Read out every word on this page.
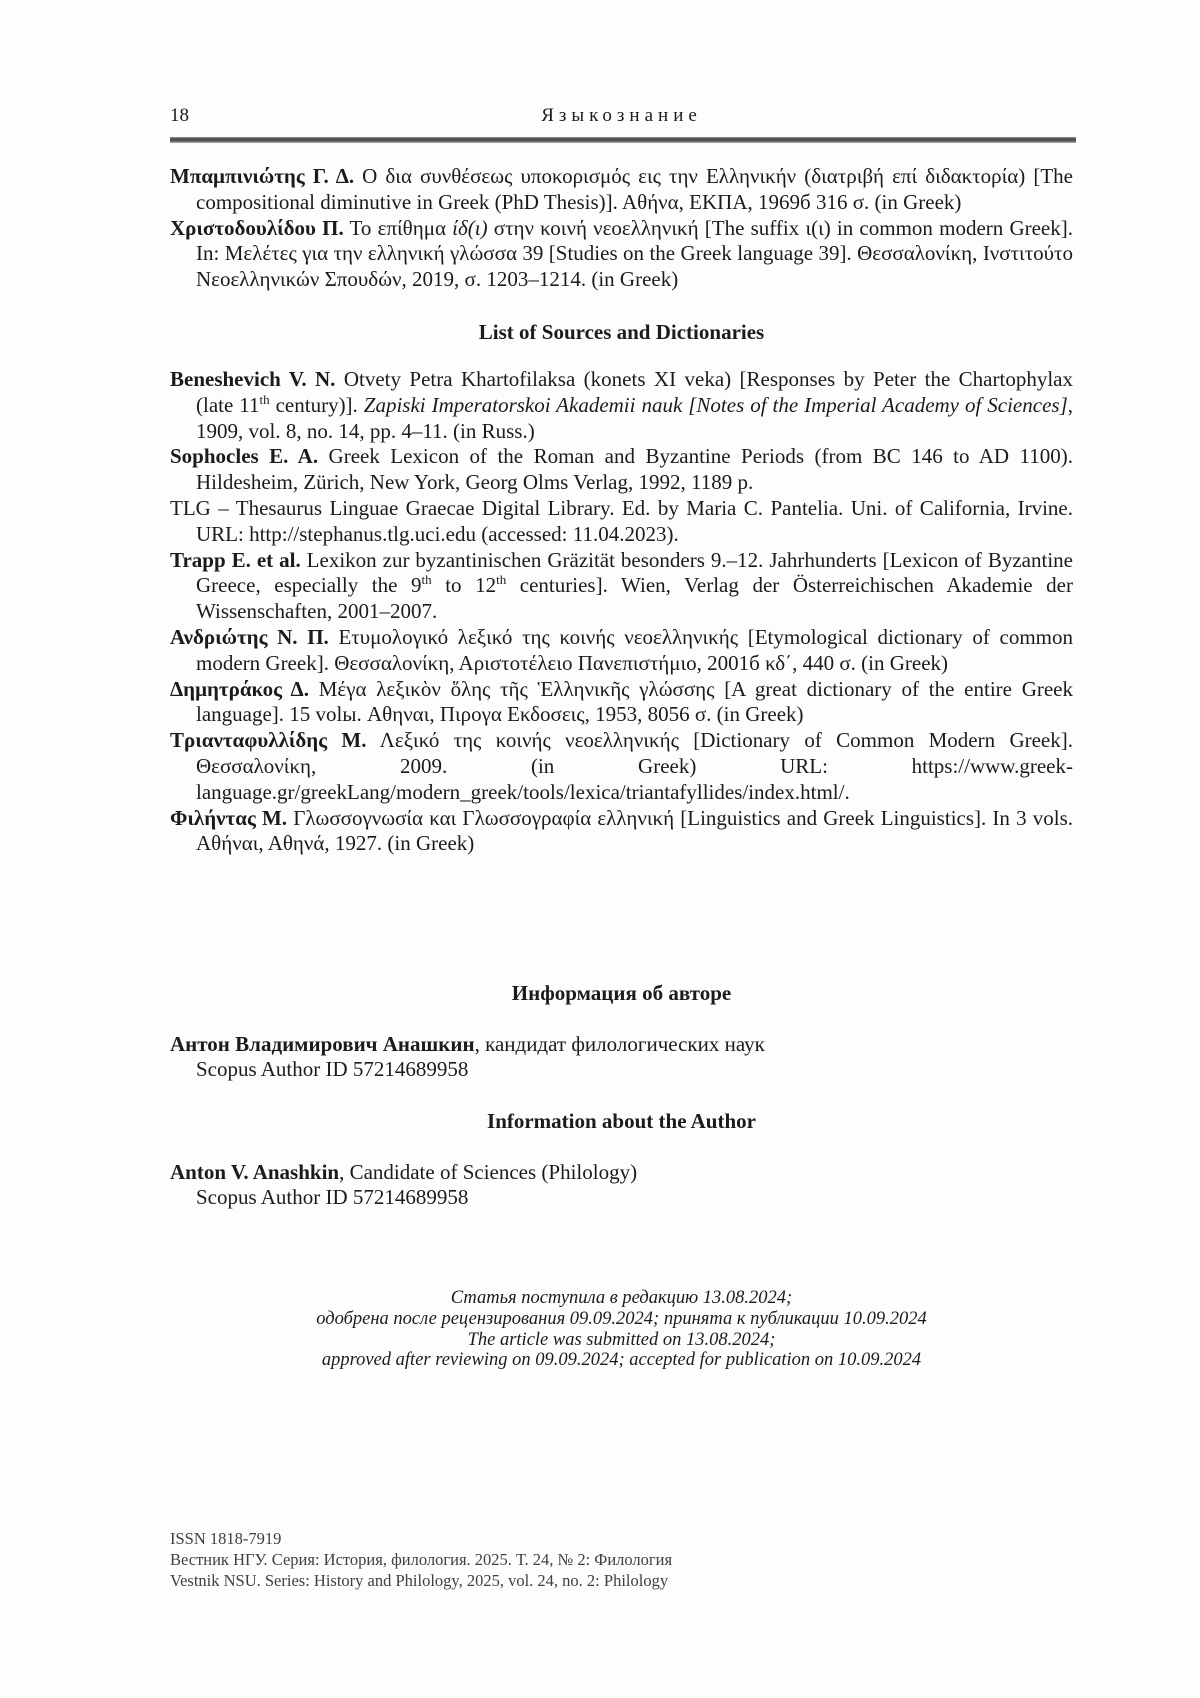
18	Языкознание

Μπαμπινιώτης Γ. Δ. Ο δια συνθέσεως υποκορισμός εις την Ελληνικήν (διατριβή επί διδακτορία) [The compositional diminutive in Greek (PhD Thesis)]. Αθήνα, ΕΚΠΑ, 1969б 316 σ. (in Greek)

Χριστοδουλίδου Π. Το επίθημα ίδ(ι) στην κοινή νεοελληνική [The suffix ι(ι) in common modern Greek]. In: Μελέτες για την ελληνική γλώσσα 39 [Studies on the Greek language 39]. Θεσσαλονίκη, Ινστιτούτο Νεοελληνικών Σπουδών, 2019, σ. 1203–1214. (in Greek)

List of Sources and Dictionaries

Beneshevich V. N. Otvety Petra Khartofilaksa (konets XI veka) [Responses by Peter the Chartophylax (late 11th century)]. Zapiski Imperatorskoi Akademii nauk [Notes of the Imperial Academy of Sciences], 1909, vol. 8, no. 14, pp. 4–11. (in Russ.)

Sophocles E. A. Greek Lexicon of the Roman and Byzantine Periods (from BC 146 to AD 1100). Hildesheim, Zürich, New York, Georg Olms Verlag, 1992, 1189 p.

TLG – Thesaurus Linguae Graecae Digital Library. Ed. by Maria C. Pantelia. Uni. of California, Irvine. URL: http://stephanus.tlg.uci.edu (accessed: 11.04.2023).

Trapp E. et al. Lexikon zur byzantinischen Gräzität besonders 9.–12. Jahrhunderts [Lexicon of Byzantine Greece, especially the 9th to 12th centuries]. Wien, Verlag der Österreichischen Akademie der Wissenschaften, 2001–2007.

Ανδριώτης Ν. Π. Ετυμολογικό λεξικό της κοινής νεοελληνικής [Etymological dictionary of common modern Greek]. Θεσσαλονίκη, Αριστοτέλειο Πανεπιστήμιο, 2001б κδ΄, 440 σ. (in Greek)

Δημητράκος Δ. Μέγα λεξικὸν ὅλης τῆς Ἑλληνικῆς γλώσσης [A great dictionary of the entire Greek language]. 15 volы. Αθηναι, Πιρογα Εκδοσεις, 1953, 8056 σ. (in Greek)

Τριανταφυλλίδης Μ. Λεξικό της κοινής νεοελληνικής [Dictionary of Common Modern Greek]. Θεσσαλονίκη, 2009. (in Greek) URL: https://www.greek-language.gr/greekLang/modern_greek/tools/lexica/triantafyllides/index.html/.

Φιλήντας Μ. Γλωσσογνωσία και Γλωσσογραφία ελληνική [Linguistics and Greek Linguistics]. In 3 vols. Αθήναι, Αθηνά, 1927. (in Greek)

Информация об авторе

Антон Владимирович Анашкин, кандидат филологических наук

Scopus Author ID 57214689958

Information about the Author

Anton V. Anashkin, Candidate of Sciences (Philology)

Scopus Author ID 57214689958

Статья поступила в редакцию 13.08.2024;

одобрена после рецензирования 09.09.2024; принята к публикации 10.09.2024

The article was submitted on 13.08.2024;

approved after reviewing on 09.09.2024; accepted for publication on 10.09.2024

ISSN 1818-7919

Вестник НГУ. Серия: История, филология. 2025. Т. 24, № 2: Филология

Vestnik NSU. Series: History and Philology, 2025, vol. 24, no. 2: Philology
